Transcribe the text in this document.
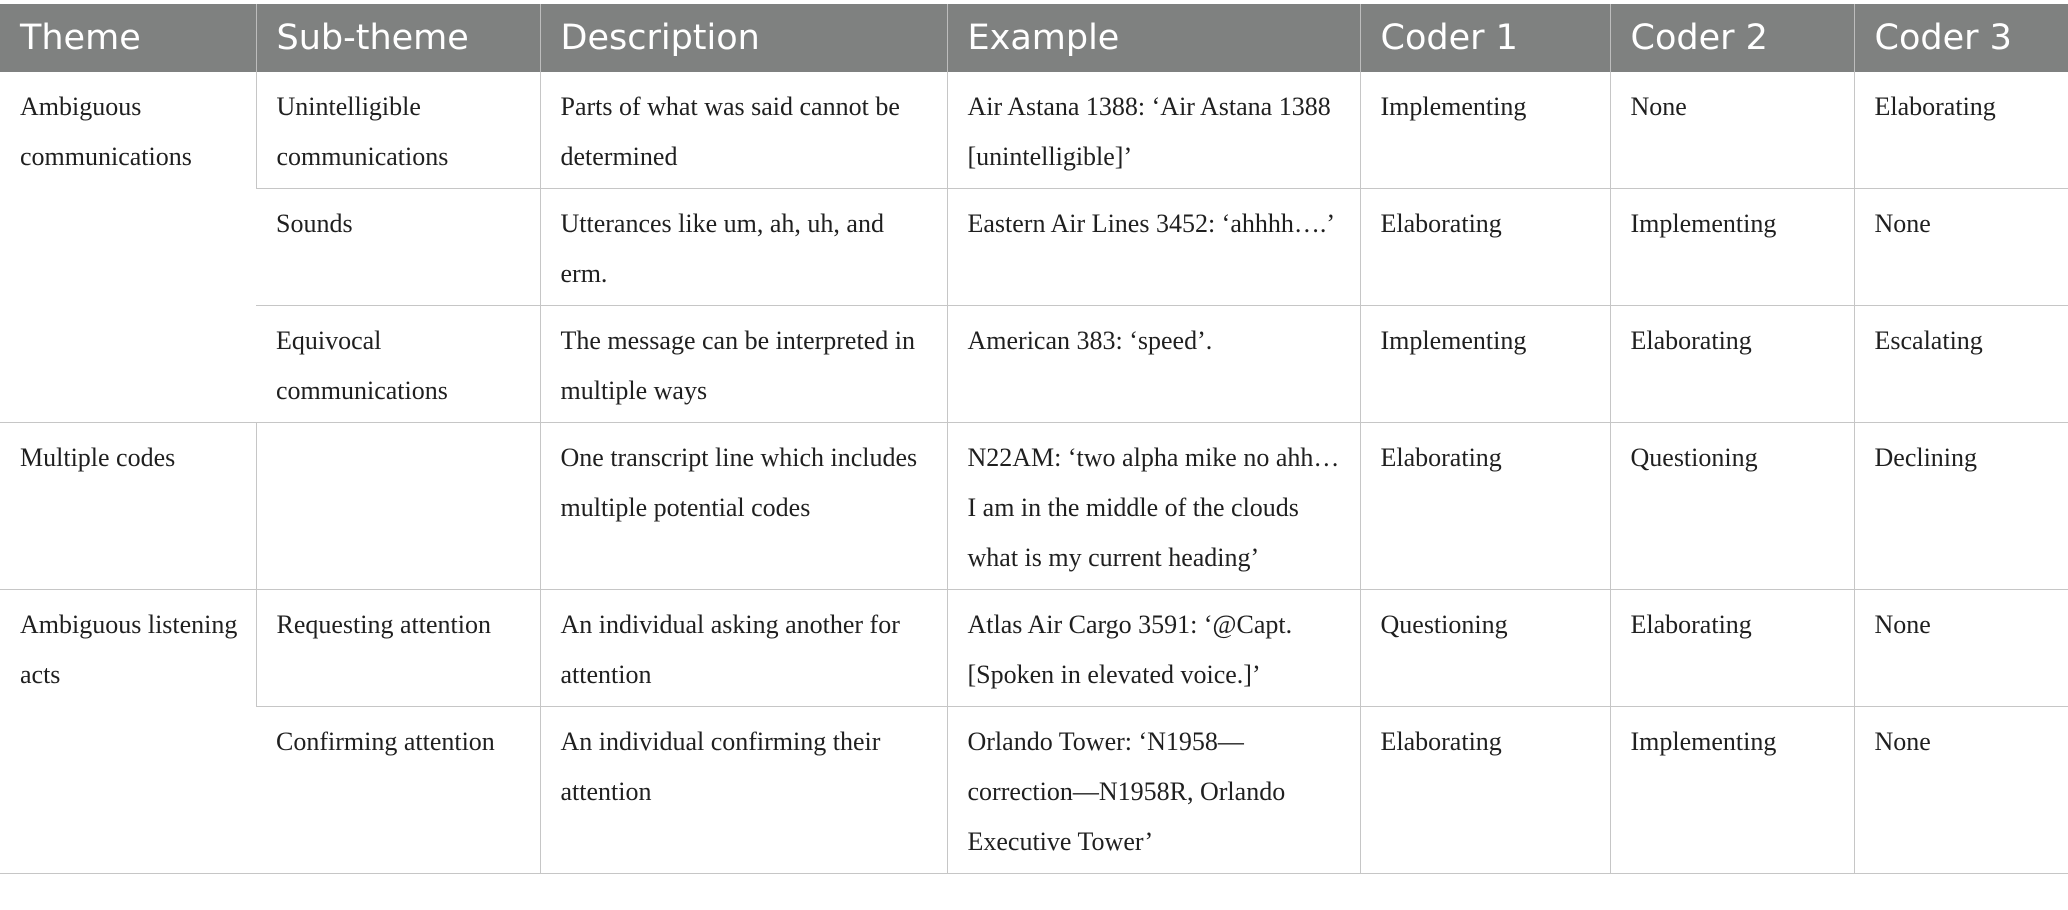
Theme	Sub-theme	Description	Example	Coder 1	Coder 2	Coder 3
Ambiguous communications	Unintelligible communications	Parts of what was said cannot be determined	Air Astana 1388: ‘Air Astana 1388 [unintelligible]’	Implementing	None	Elaborating
	Sounds	Utterances like um, ah, uh, and erm.	Eastern Air Lines 3452: ‘ahhhh….’	Elaborating	Implementing	None
	Equivocal communications	The message can be interpreted in multiple ways	American 383: ‘speed’.	Implementing	Elaborating	Escalating
Multiple codes		One transcript line which includes multiple potential codes	N22AM: ‘two alpha mike no ahh… I am in the middle of the clouds what is my current heading’	Elaborating	Questioning	Declining
Ambiguous listening acts	Requesting attention	An individual asking another for attention	Atlas Air Cargo 3591: ‘@Capt. [Spoken in elevated voice.]’	Questioning	Elaborating	None
	Confirming attention	An individual confirming their attention	Orlando Tower: ‘N1958—correction—N1958R, Orlando Executive Tower’	Elaborating	Implementing	None
